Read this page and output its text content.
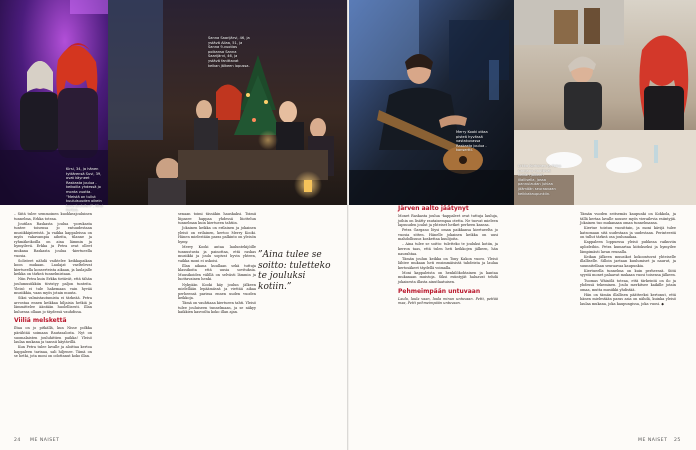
Kirsi, 34, ja hänen tyttärensä Suvi, 39, ovat käyneet Raskasta joulua -keikoilla yhdessä jo monta vuotta. ”Meistä on tullut kuuluisuuden oikein kova joulufani”, Kirsi kertoo.
Sanna Saarijärvi, 46, ja ystävä Ailaa, 51, ja Sanna 9-vuotias poikansa Sanna Saarijärvi, 46, ja ystävä fanittavat keikan jälkeen lopussa.
Merry Kooki ottaa pisteä hyvässä vastakuvassa Raskasta joulua -konsertti.
Erkka Korhonen ja Petra Gargano nauttivat keikan jälkeen illallisella, jossa pannulautan juhlaa jäämään seuraavaan keikkakaupunkiin.

– Siitä tulee semmoinen kuohkeajouluinen tunnelma, Erkka toteaa.

Joutilan Raskasta joulua -porukasta tuntee toisensa jo entuudestaan musiikkipiireistä. Ja vaikka kappaleissa on myös vakavampia aiheita, tilanne ja ryhmäkeikoilla on aina lämmin ja hymyilevä. Erkka ja Petra ovat olleet mukana Raskasta joulua -kiertueella vuosia.

Solisteet nähdä vaihtelee keikkapaikan koon mukaan. Laulajat vaeltelevat kiertueella konserteista aikaan, ja laulajalle keikka on tärkeä tunnelmistaan.

Niin Petra kuin Erkka tietävät, että tähän joulumusiikkiin tiivistyy paljon tunteita. Yleisö ei tule hakemaan vain hyvää musiikkia, vaan myös jotain muuta.

Siksi valmistautumista ei tärkeää. Petra arvostaa ennen keikkaa hiljaisia hetkiä ja lämmittelee ääntään huolellisesti. Illan kuluessa ollaan jo täydessä vauhdissa.

Viiliä melskettä

Iltaa on jo pitkällä, kun Nisse polkka pärähtää soimaan Rautasalosta. Nyt on suomalaisten jouluhittien paikka! Yleisö laulaa mukana ja tanssii käytävillä.

Kun Petra tulee lavalle ja aloittaa kertoa kappaleen tarinaa, sali hiljenee. Tämä on se hetki, jota moni on odottanut koko illan.

senaan toimi tässäkin hauskaksi. Toimii liipasee happaa yhdessä liiottelun tunnelman kuin kiertueen tahtiin.

Jokainen keikka on erilainen ja jokainen yleisö on erilainen, kertoo Merry Kooki. Hänen mielestään paras palkinto on yleisön hymy.

Merry Kooki antaa lauluntekijöille tunnustusta ja painottaa, että raskas musiikki ja joulu sopivat hyvin yhteen, vaikka moni ei uskoisi.

Illan aikana kuullaan sekä tuttuja klassikoita että uusia sovituksia. Muusikoiden välillä on selvästi lämmin ja luottavainen henki.

Nykyään Kooki käy joulun jälkeen mielellään lepäämässä ja viettää aikaa perheensä parissa ennen uuden vuoden keikkoja.

Tämä on vauhtiaaa kiertueen tahti. Yleisö tulee jouluiseen tunnelmaan, ja se näkyy kaikkien kasvoilta koko illan ajan.

”Aina tulee se soitto: tuletteko te jouluksi kotiin.”
Järven aalto jäätynyt

Monet Raskasta joulua -kappaleet ovat tuttuja lauluja, joihin on lisätty rautaisempaa otetta. Ne tuovat mieleen lapsuuden joulut ja yhteiset hetket perheen kanssa.

Petra Gargano löysi oman paikkansa kiertueelta jo vuosia sitten. Hänelle jokainen keikka on uusi mahdollisuus koskettaa kuulijoita.

– Aina tulee se soitto: tuletteko te jouluksi kotiin, ja kerron taas, että tulen heti keikkojen jälkeen, hän naurahtaa.

Tämän joulun keikka on Tony Kakon vuoro. Yleisö lähtee mukaan heti ensimmäisistä tahdeista ja laulaa kertosäkeet täydellä voimalla.

Moni kappaleista on henkilökohtainen ja kantaa mukanaan muistoja. Siksi esiintyjät haluavat tehdä jokaisesta illasta ainutlaatuisen.

Pehmeimpään untuvaan

Laula, laula vaan, laula minun untuvaan. Petti, pettää maa, Petti pehmeimpään untuvaan.

Tämän vuoden seitsemäs kaupunki on Kokkola, ja tällä kertaa lavalle nousee myös vierailevia esiintyjiä. Jokainen tuo mukanaan oman tunnelmansa.

Kiertue toistuu vuosittain, ja moni kävijä tulee katsomaan sitä uudestaan ja uudestaan. Perinteestä on tullut tärkeä osa joulunaikaa.

Kappaleen loppuessa yleisö puhkeaa raikuviin aplodeihin. Petra kumartaa kiitokseksi ja hymyilee lämpimästi lavan reunalla.

Keikan jälkeen muusikot kokoontuvat yhteiselle illalliselle. Silloin jaetaan kuulumiset ja naurut, ja suunnitellaan seuraavaa kaupunkia.

Kiertueella tunnelma on kuin perheessä. Siitä syystä monet palaavat mukaan vuosi toisensa jälkeen.

Tuomas Wäinölä toteaa, että tärkeintä on ilo ja yhdessä tekeminen. Joulu merkitsee kaikille jotain omaa, mutta musiikki yhdistää.

Hän on tämän illallisen päätteeksi kertonut, että hänen mielestään paras asia on nähdä, kuinka yleisö laulaa mukana, joka kaupungissa, joka vuosi. ◆

24 ME NAISET	ME NAISET 25
